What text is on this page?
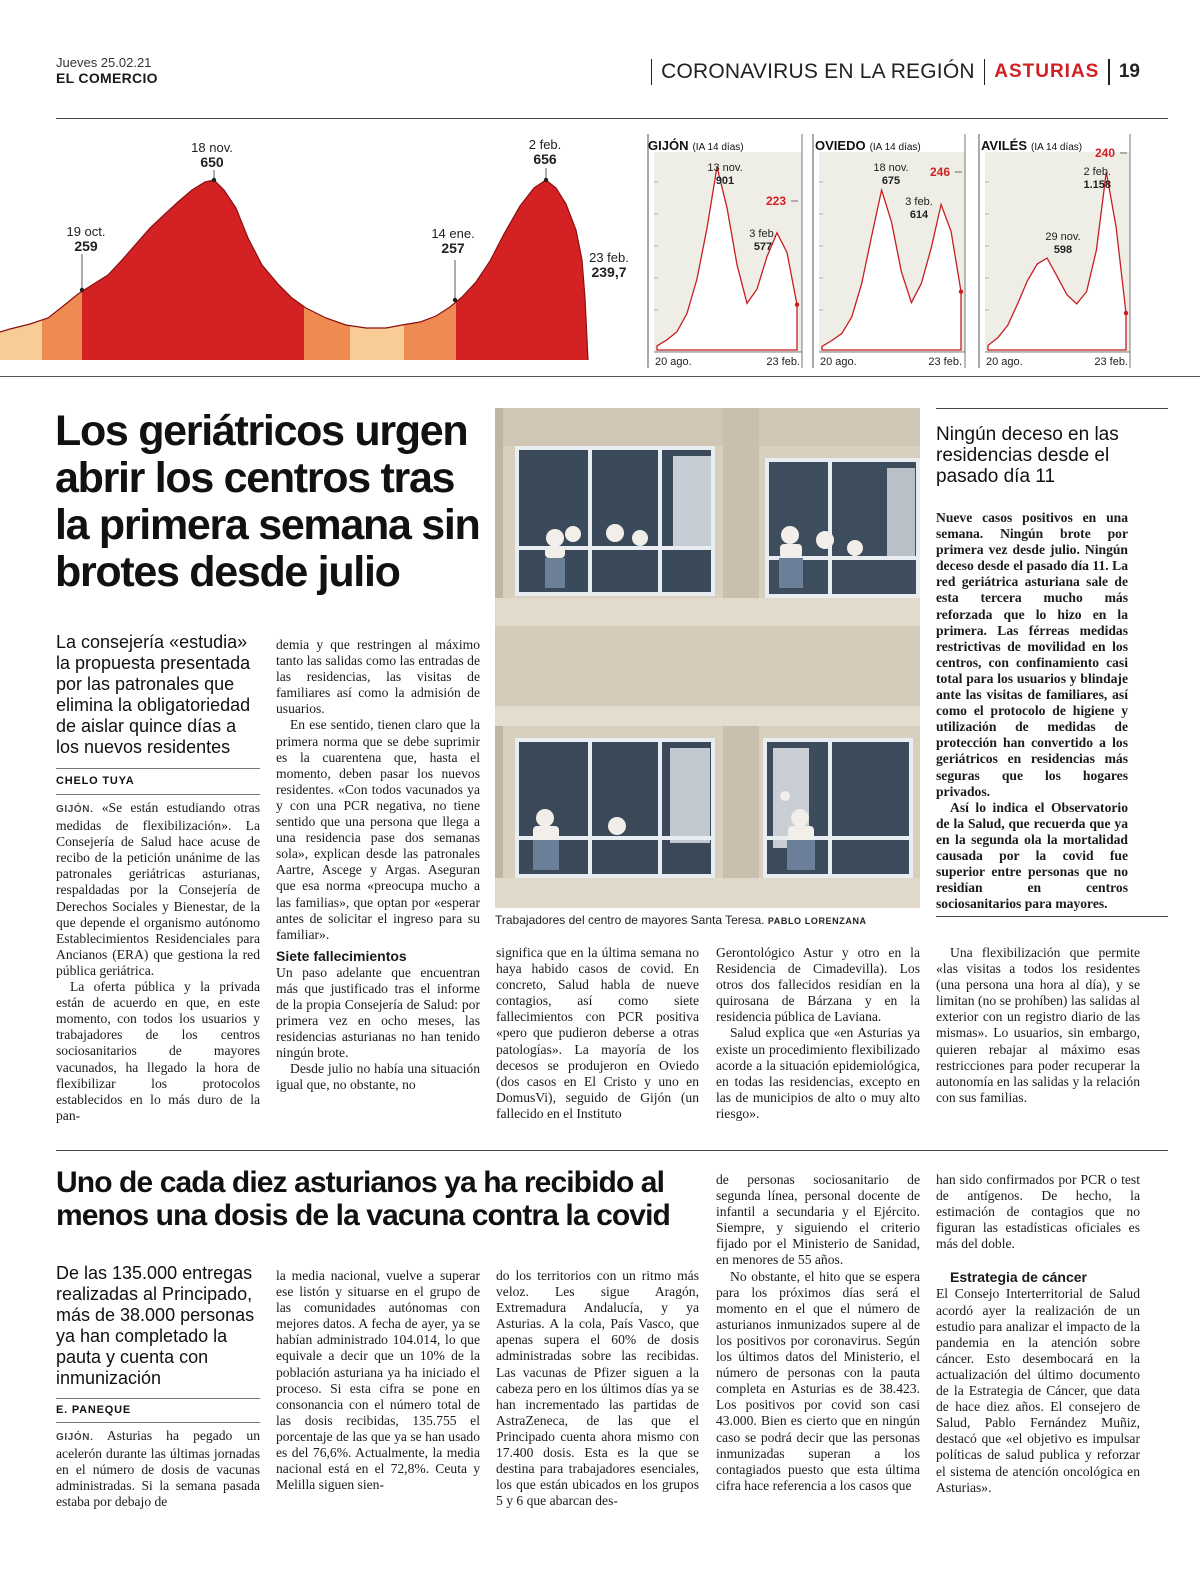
Jueves 25.02.21
EL COMERCIO	CORONAVIRUS EN LA REGIÓN ASTURIAS 19
19 oct.
259
18 nov.
650
14 ene.
257
2 feb.
656
23 feb.
239,7
GIJÓN (IA 14 días)
13 nov.
901
3 feb.
577
223
20 ago.	23 feb.
OVIEDO (IA 14 días)
18 nov.
675
3 feb.
614
246
20 ago.	23 feb.
AVILÉS (IA 14 días)
29 nov.
598
2 feb.
1.158
240
20 ago.	23 feb.
Los geriátricos urgen abrir los centros tras la primera semana sin brotes desde julio
La consejería «estudia» la propuesta presentada por las patronales que elimina la obligatoriedad de aislar quince días a los nuevos residentes
CHELO TUYA

GIJÓN. «Se están estudiando otras medidas de flexibilización». La Consejería de Salud hace acuse de recibo de la petición unánime de las patronales geriátricas asturianas, respaldadas por la Consejería de Derechos Sociales y Bienestar, de la que depende el organismo autónomo Establecimientos Residenciales para Ancianos (ERA) que gestiona la red pública geriátrica.

La oferta pública y la privada están de acuerdo en que, en este momento, con todos los usuarios y trabajadores de los centros sociosanitarios de mayores vacunados, ha llegado la hora de flexibilizar los protocolos establecidos en lo más duro de la pan-

demia y que restringen al máximo tanto las salidas como las entradas de las residencias, las visitas de familiares así como la admisión de usuarios.

En ese sentido, tienen claro que la primera norma que se debe suprimir es la cuarentena que, hasta el momento, deben pasar los nuevos residentes. «Con todos vacunados ya y con una PCR negativa, no tiene sentido que una persona que llega a una residencia pase dos semanas sola», explican desde las patronales Aartre, Ascege y Argas. Aseguran que esa norma «preocupa mucho a las familias», que optan por «esperar antes de solicitar el ingreso para su familiar».

Siete fallecimientos

Un paso adelante que encuentran más que justificado tras el informe de la propia Consejería de Salud: por primera vez en ocho meses, las residencias asturianas no han tenido ningún brote.

Desde julio no había una situación igual que, no obstante, no

Trabajadores del centro de mayores Santa Teresa. PABLO LORENZANA

significa que en la última semana no haya habido casos de covid. En concreto, Salud habla de nueve contagios, así como siete fallecimientos con PCR positiva «pero que pudieron deberse a otras patologías». La mayoría de los decesos se produjeron en Oviedo (dos casos en El Cristo y uno en DomusVi), seguido de Gijón (un fallecido en el Instituto

Gerontológico Astur y otro en la Residencia de Cimadevilla). Los otros dos fallecidos residían en la quirosana de Bárzana y en la residencia pública de Laviana.

Salud explica que «en Asturias ya existe un procedimiento flexibilizado acorde a la situación epidemiológica, en todas las residencias, excepto en las de municipios de alto o muy alto riesgo».

Ningún deceso en las residencias desde el pasado día 11

Nueve casos positivos en una semana. Ningún brote por primera vez desde julio. Ningún deceso desde el pasado día 11. La red geriátrica asturiana sale de esta tercera mucho más reforzada que lo hizo en la primera. Las férreas medidas restrictivas de movilidad en los centros, con confinamiento casi total para los usuarios y blindaje ante las visitas de familiares, así como el protocolo de higiene y utilización de medidas de protección han convertido a los geriátricos en residencias más seguras que los hogares privados.

Así lo indica el Observatorio de la Salud, que recuerda que ya en la segunda ola la mortalidad causada por la covid fue superior entre personas que no residían en centros sociosanitarios para mayores.

Una flexibilización que permite «las visitas a todos los residentes (una persona una hora al día), y se limitan (no se prohíben) las salidas al exterior con un registro diario de las mismas». Lo usuarios, sin embargo, quieren rebajar al máximo esas restricciones para poder recuperar la autonomía en las salidas y la relación con sus familias.

Uno de cada diez asturianos ya ha recibido al menos una dosis de la vacuna contra la covid
De las 135.000 entregas realizadas al Principado, más de 38.000 personas ya han completado la pauta y cuenta con inmunización
E. PANEQUE

GIJÓN. Asturias ha pegado un acelerón durante las últimas jornadas en el número de dosis de vacunas administradas. Si la semana pasada estaba por debajo de

la media nacional, vuelve a superar ese listón y situarse en el grupo de las comunidades autónomas con mejores datos. A fecha de ayer, ya se habían administrado 104.014, lo que equivale a decir que un 10% de la población asturiana ya ha iniciado el proceso. Si esta cifra se pone en consonancia con el número total de las dosis recibidas, 135.755 el porcentaje de las que ya se han usado es del 76,6%. Actualmente, la media nacional está en el 72,8%. Ceuta y Melilla siguen sien-

do los territorios con un ritmo más veloz. Les sigue Aragón, Extremadura Andalucía, y ya Asturias. A la cola, País Vasco, que apenas supera el 60% de dosis administradas sobre las recibidas. Las vacunas de Pfizer siguen a la cabeza pero en los últimos días ya se han incrementado las partidas de AstraZeneca, de las que el Principado cuenta ahora mismo con 17.400 dosis. Esta es la que se destina para trabajadores esenciales, los que están ubicados en los grupos 5 y 6 que abarcan des-

de personas sociosanitario de segunda línea, personal docente de infantil a secundaria y el Ejército. Siempre, y siguiendo el criterio fijado por el Ministerio de Sanidad, en menores de 55 años.

No obstante, el hito que se espera para los próximos días será el momento en el que el número de asturianos inmunizados supere al de los positivos por coronavirus. Según los últimos datos del Ministerio, el número de personas con la pauta completa en Asturias es de 38.423. Los positivos por covid son casi 43.000. Bien es cierto que en ningún caso se podrá decir que las personas inmunizadas superan a los contagiados puesto que esta última cifra hace referencia a los casos que

han sido confirmados por PCR o test de antígenos. De hecho, la estimación de contagios que no figuran las estadísticas oficiales es más del doble.

Estrategia de cáncer

El Consejo Interterritorial de Salud acordó ayer la realización de un estudio para analizar el impacto de la pandemia en la atención sobre cáncer. Esto desembocará en la actualización del último documento de la Estrategia de Cáncer, que data de hace diez años. El consejero de Salud, Pablo Fernández Muñiz, destacó que «el objetivo es impulsar políticas de salud publica y reforzar el sistema de atención oncológica en Asturias».
